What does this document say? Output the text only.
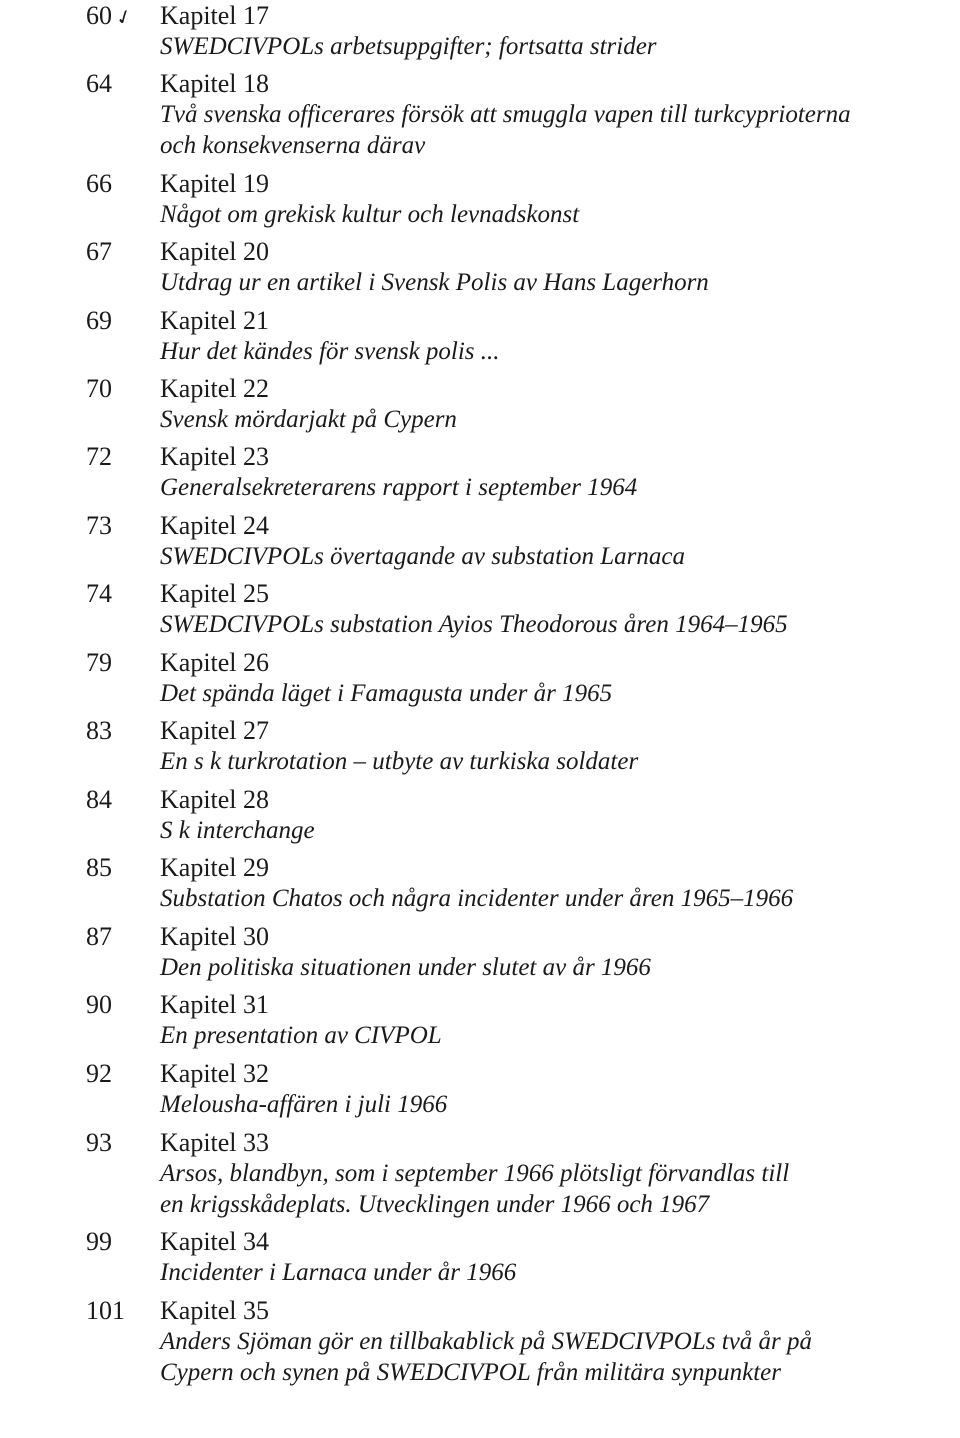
60✓ Kapitel 17
SWEDCIVPOLs arbetsuppgifter; fortsatta strider
64 Kapitel 18
Två svenska officerares försök att smuggla vapen till turkcyprioterna
och konsekvenserna därav
66 Kapitel 19
Något om grekisk kultur och levnadskonst
67 Kapitel 20
Utdrag ur en artikel i Svensk Polis av Hans Lagerhorn
69 Kapitel 21
Hur det kändes för svensk polis ...
70 Kapitel 22
Svensk mördarjakt på Cypern
72 Kapitel 23
Generalsekreterarens rapport i september 1964
73 Kapitel 24
SWEDCIVPOLs övertagande av substation Larnaca
74 Kapitel 25
SWEDCIVPOLs substation Ayios Theodorous åren 1964–1965
79 Kapitel 26
Det spända läget i Famagusta under år 1965
83 Kapitel 27
En s k turkrotation – utbyte av turkiska soldater
84 Kapitel 28
S k interchange
85 Kapitel 29
Substation Chatos och några incidenter under åren 1965–1966
87 Kapitel 30
Den politiska situationen under slutet av år 1966
90 Kapitel 31
En presentation av CIVPOL
92 Kapitel 32
Melousha-affären i juli 1966
93 Kapitel 33
Arsos, blandbyn, som i september 1966 plötsligt förvandlas till
en krigsskådeplats. Utvecklingen under 1966 och 1967
99 Kapitel 34
Incidenter i Larnaca under år 1966
101 Kapitel 35
Anders Sjöman gör en tillbakablick på SWEDCIVPOLs två år på
Cypern och synen på SWEDCIVPOL från militära synpunkter
